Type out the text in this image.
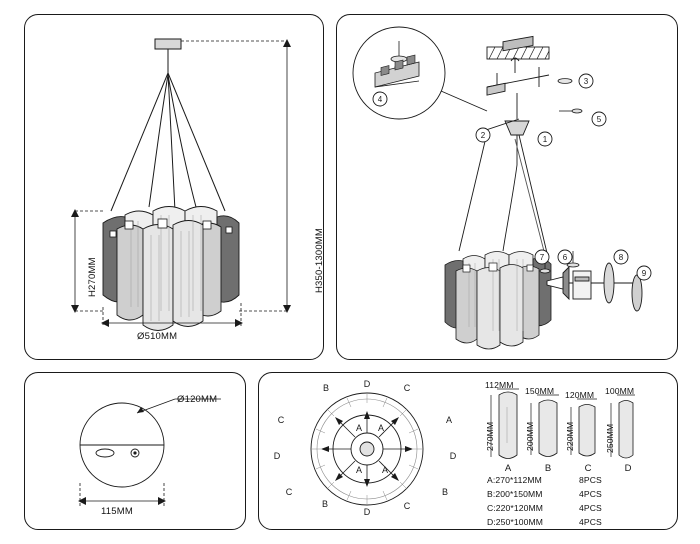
H350-1300MM
H270MM
Ø510MM
1
2
3
4
5
6
7	8
9
Ø120MM
115MM
B	D	C
C
D	D
A
A A
A A
B
D
C
C	B
A	B	C	D
112MM
150MM 120MM 100MM
270MM	200MM	220MM	250MM
A:270*112MM	8PCS
B:200*150MM	4PCS
C:220*120MM	4PCS
D:250*100MM	4PCS
